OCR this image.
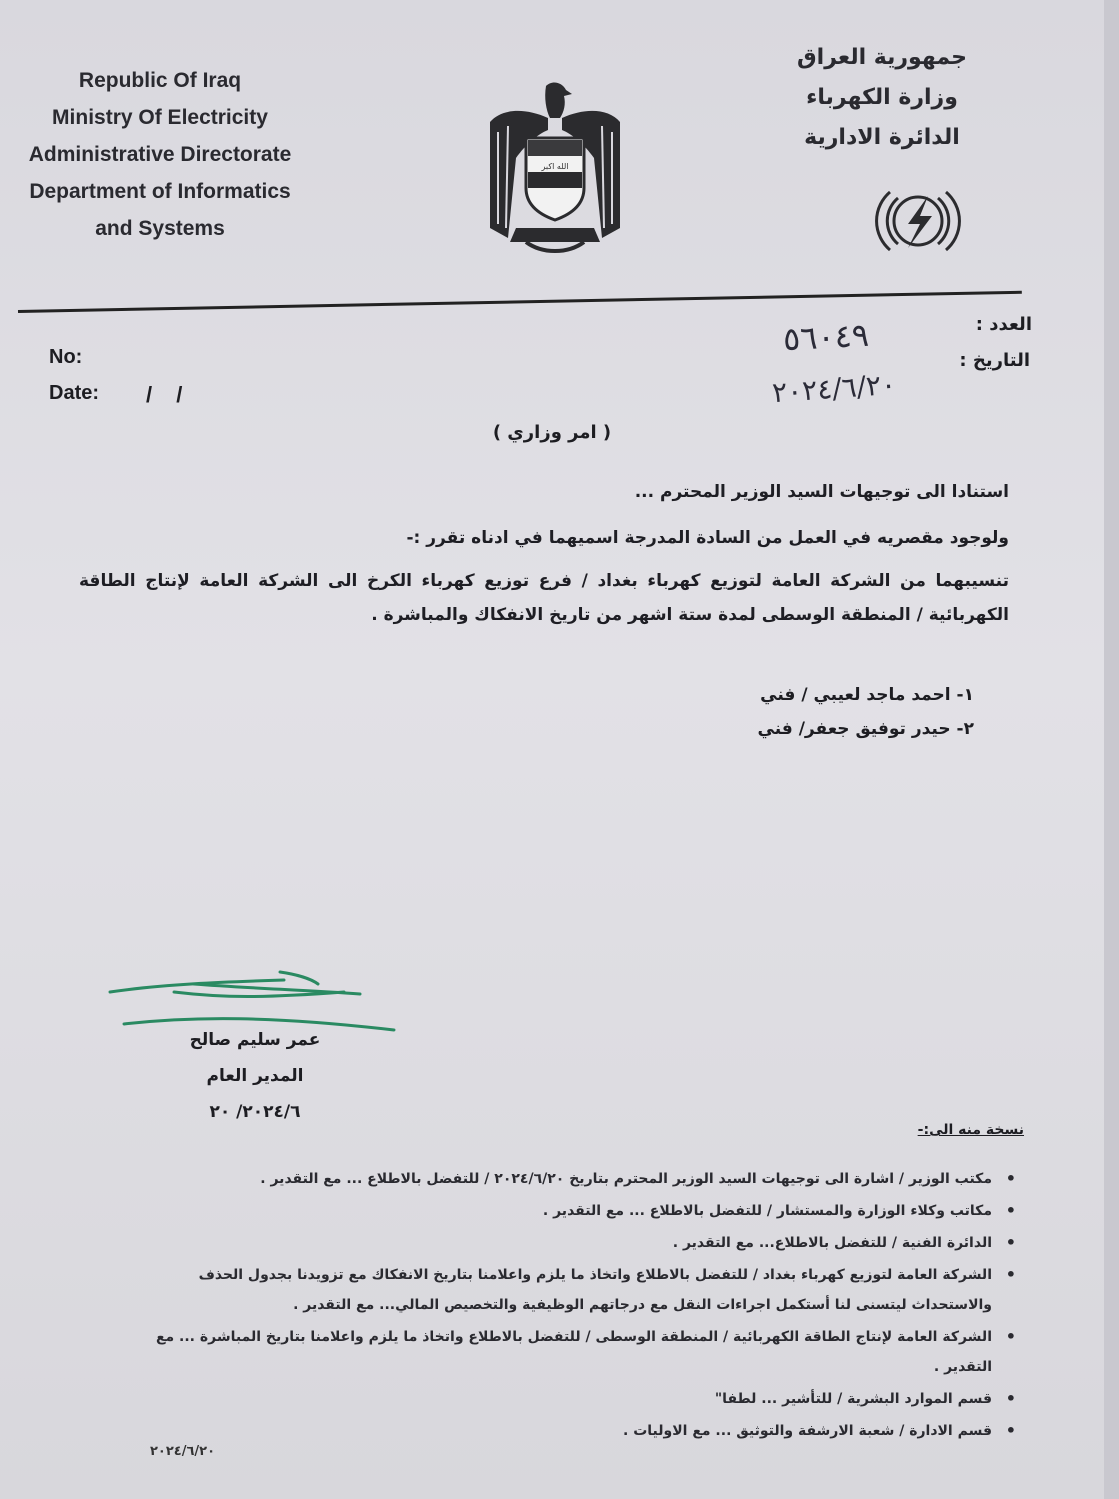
Republic Of Iraq
Ministry Of Electricity
Administrative Directorate
Department of Informatics
and Systems
الله اكبر
جمهورية العراق
وزارة الكهرباء
الدائرة الادارية
No:
Date: / /
العدد :
التاريخ :
٥٦٠٤٩
٢٠٢٤/٦/٢٠
( امر وزاري )

استنادا الى توجيهات السيد الوزير المحترم ...

ولوجود مقصريه في العمل من السادة المدرجة اسميهما في ادناه تقرر :-

تنسيبهما من الشركة العامة لتوزيع كهرباء بغداد / فرع توزيع كهرباء الكرخ الى الشركة العامة لإنتاج الطاقة الكهربائية / المنطقة الوسطى لمدة ستة اشهر من تاريخ الانفكاك والمباشرة .

١- احمد ماجد لعيبي / فني
٢- حيدر توفيق جعفر/ فني
عمر سليم صالح
المدير العام
٢٠٢٤/٦/ ٢٠
نسخة منه الى:-
• مكتب الوزير / اشارة الى توجيهات السيد الوزير المحترم بتاريخ ٢٠٢٤/٦/٢٠ / للتفضل بالاطلاع ... مع التقدير .
• مكاتب وكلاء الوزارة والمستشار / للتفضل بالاطلاع ... مع التقدير .
• الدائرة الفنية / للتفضل بالاطلاع... مع التقدير .
• الشركة العامة لتوزيع كهرباء بغداد / للتفضل بالاطلاع واتخاذ ما يلزم واعلامنا بتاريخ الانفكاك مع تزويدنا بجدول الحذف والاستحداث ليتسنى لنا أستكمل اجراءات النقل مع درجاتهم الوظيفية والتخصيص المالي... مع التقدير .
• الشركة العامة لإنتاج الطاقة الكهربائية / المنطقة الوسطى / للتفضل بالاطلاع واتخاذ ما يلزم واعلامنا بتاريخ المباشرة ... مع التقدير .
• قسم الموارد البشرية / للتأشير ... لطفا"
• قسم الادارة / شعبة الارشفة والتوثيق ... مع الاوليات .
٢٠٢٤/٦/٢٠
